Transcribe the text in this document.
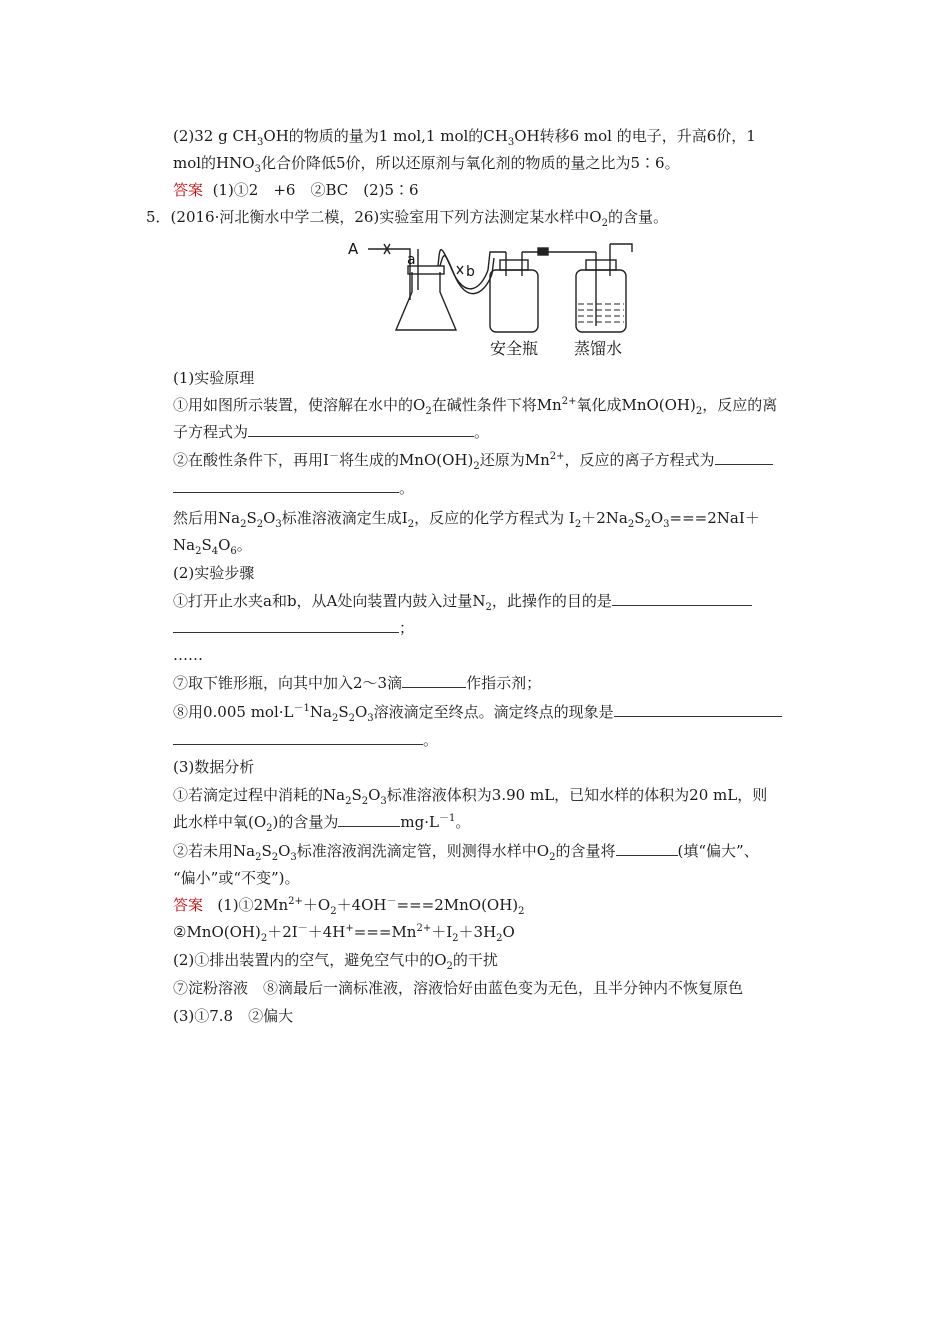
(2)32 g $CH_3OH$的物质的量为1 mol,1 mol的$CH_3OH$转移6 mol 的电子，升高6价，1
mol的$HNO_3$化合价降低5价，所以还原剂与氧化剂的物质的量之比为5∶6。
答案 (1)①2　+6　②BC　(2)5∶6
5．(2016·河北衡水中学二模，26)实验室用下列方法测定某水样中$O_2$的含量。
A
a
b
安全瓶 蒸馏水
(1)实验原理
①用如图所示装置，使溶解在水中的$O_2$在碱性条件下将$Mn^{2+}$氧化成$MnO(OH)_2$，反应的离
子方程式为	。
②在酸性条件下，再用I－将生成的$MnO(OH)_2$还原为$Mn^{2+}$，反应的离子方程式为
。
然后用$Na_2S_2O_3$标准溶液滴定生成$I_2$，反应的化学方程式为 $I_2+2Na_2S_2O_3===2NaI+$
$Na_2S_4O_6$。
(2)实验步骤
①打开止水夹a和b，从A处向装置内鼓入过量$N_2$，此操作的目的是
；
……
⑦取下锥形瓶，向其中加入2～3滴	作指示剂；
⑧用0.005 $mol\cdot L^{-1}Na_2S_2O_3$溶液滴定至终点。滴定终点的现象是
。
(3)数据分析
①若滴定过程中消耗的$Na_2S_2O_3$标准溶液体积为3.90 mL，已知水样的体积为20 mL，则
此水样中氧$(O_2)$的含量为	$mg\cdot L^{-1}$。
②若未用$Na_2S_2O_3$标准溶液润洗滴定管，则测得水样中$O_2$的含量将	(填“偏大”、
“偏小”或“不变”)。
答案 $(1)①2Mn^{2+}+O_2+4OH^-===2MnO(OH)_2$
$②MnO(OH)_2+2I^-+4H^+===Mn^{2+}+I_2+3H_2O$
(2)①排出装置内的空气，避免空气中的$O_2$的干扰
⑦淀粉溶液　⑧滴最后一滴标准液，溶液恰好由蓝色变为无色，且半分钟内不恢复原色
(3)①7.8　②偏大
